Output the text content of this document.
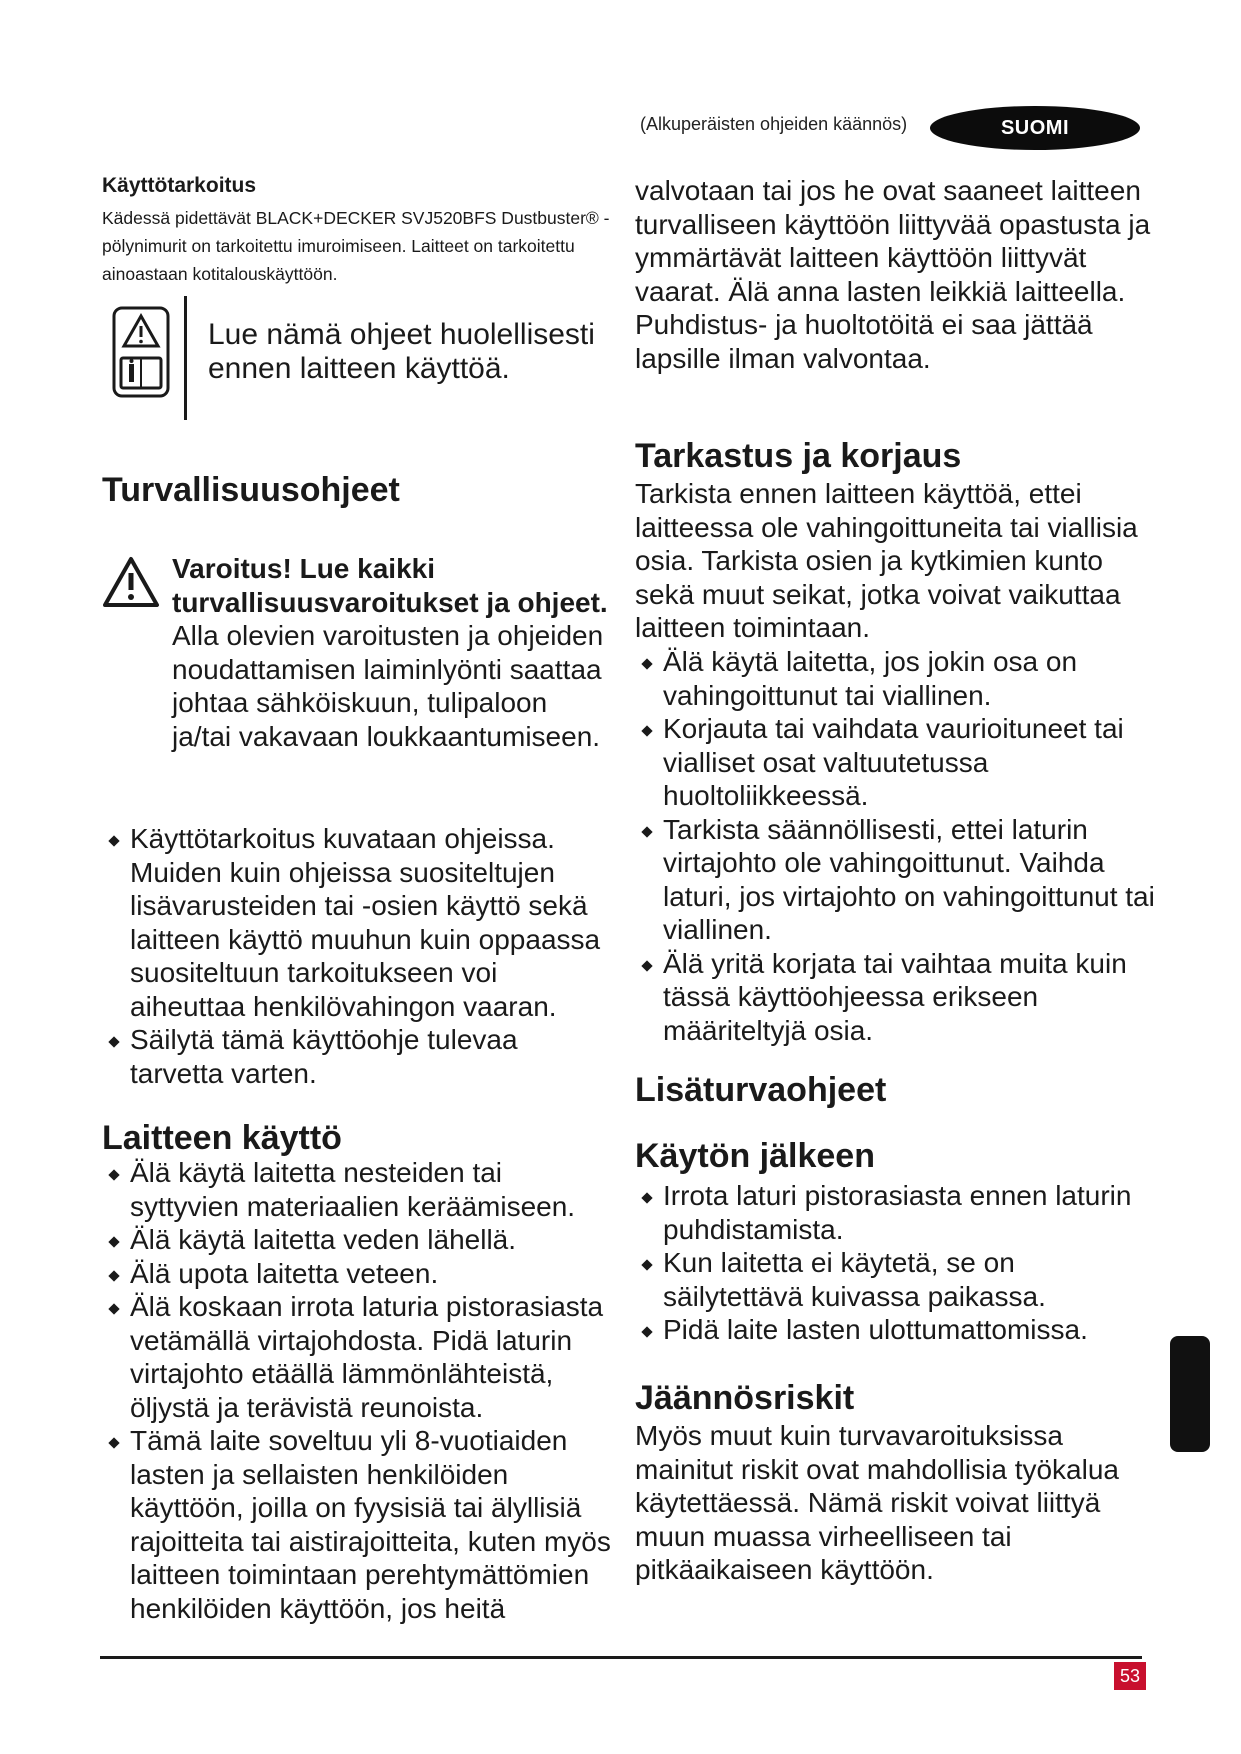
(Alkuperäisten ohjeiden käännös)	SUOMI
Käyttötarkoitus

Kädessä pidettävät BLACK+DECKER SVJ520BFS Dustbuster® -pölynimurit on tarkoitettu imuroimiseen. Laitteet on tarkoitettu ainoastaan kotitalouskäyttöön.

Lue nämä ohjeet huolellisesti ennen laitteen käyttöä.
Turvallisuusohjeet

Varoitus! Lue kaikki turvallisuusvaroitukset ja ohjeet. Alla olevien varoitusten ja ohjeiden noudattamisen laiminlyönti saattaa johtaa sähköiskuun, tulipaloon ja/tai vakavaan loukkaantumiseen.

Käyttötarkoitus kuvataan ohjeissa. Muiden kuin ohjeissa suositeltujen lisävarusteiden tai -osien käyttö sekä laitteen käyttö muuhun kuin oppaassa suositeltuun tarkoitukseen voi aiheuttaa henkilövahingon vaaran.
Säilytä tämä käyttöohje tulevaa tarvetta varten.
Laitteen käyttö
Älä käytä laitetta nesteiden tai syttyvien materiaalien keräämiseen.
Älä käytä laitetta veden lähellä.
Älä upota laitetta veteen.
Älä koskaan irrota laturia pistorasiasta vetämällä virtajohdosta. Pidä laturin virtajohto etäällä lämmönlähteistä, öljystä ja terävistä reunoista.
Tämä laite soveltuu yli 8-vuotiaiden lasten ja sellaisten henkilöiden käyttöön, joilla on fyysisiä tai älyllisiä rajoitteita tai aistirajoitteita, kuten myös laitteen toimintaan perehtymättömien henkilöiden käyttöön, jos heitä

valvotaan tai jos he ovat saaneet laitteen turvalliseen käyttöön liittyvää opastusta ja ymmärtävät laitteen käyttöön liittyvät vaarat. Älä anna lasten leikkiä laitteella. Puhdistus- ja huoltotöitä ei saa jättää lapsille ilman valvontaa.

Tarkastus ja korjaus

Tarkista ennen laitteen käyttöä, ettei laitteessa ole vahingoittuneita tai viallisia osia. Tarkista osien ja kytkimien kunto sekä muut seikat, jotka voivat vaikuttaa laitteen toimintaan.

Älä käytä laitetta, jos jokin osa on vahingoittunut tai viallinen.
Korjauta tai vaihdata vaurioituneet tai vialliset osat valtuutetussa huoltoliikkeessä.
Tarkista säännöllisesti, ettei laturin virtajohto ole vahingoittunut. Vaihda laturi, jos virtajohto on vahingoittunut tai viallinen.
Älä yritä korjata tai vaihtaa muita kuin tässä käyttöohjeessa erikseen määriteltyjä osia.
Lisäturvaohjeet
Käytön jälkeen
Irrota laturi pistorasiasta ennen laturin puhdistamista.
Kun laitetta ei käytetä, se on säilytettävä kuivassa paikassa.
Pidä laite lasten ulottumattomissa.
Jäännösriskit

Myös muut kuin turvavaroituksissa mainitut riskit ovat mahdollisia työkalua käytettäessä. Nämä riskit voivat liittyä muun muassa virheelliseen tai pitkäaikaiseen käyttöön.

53
